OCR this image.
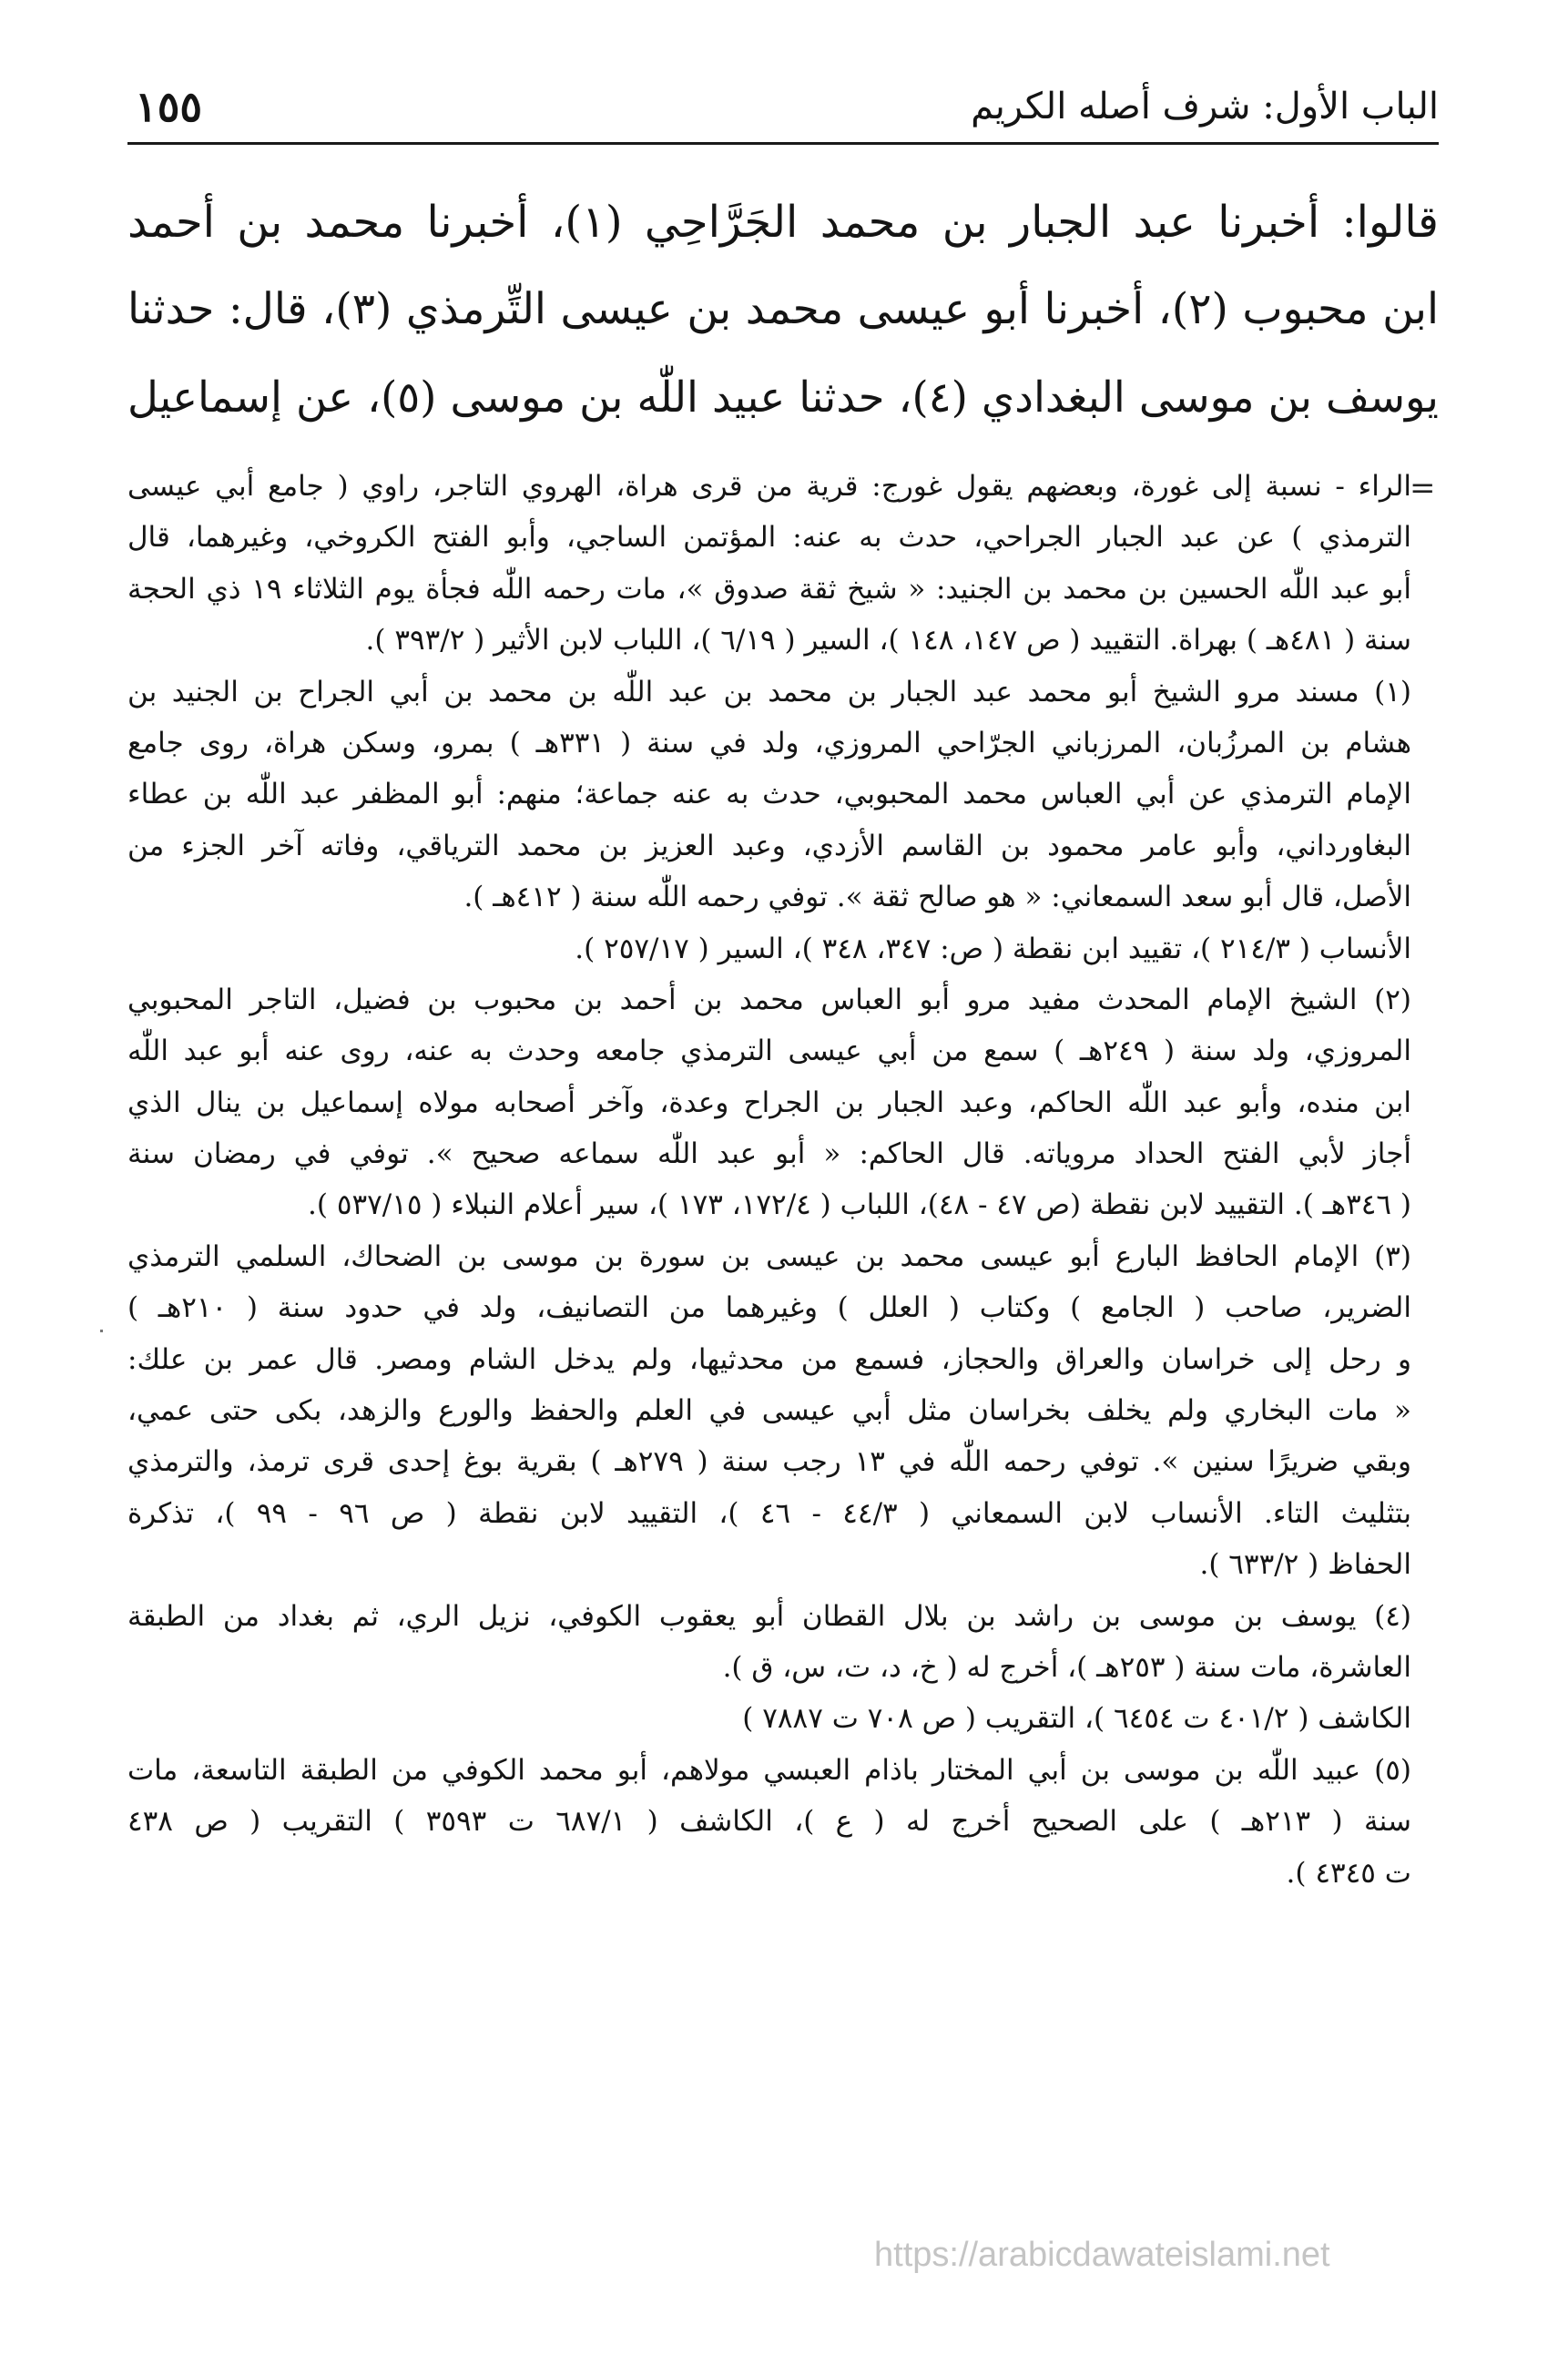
١٥٥	الباب الأول: شرف أصله الكريم
قالوا: أخبرنا عبد الجبار بن محمد الجَرَّاحِي (١)، أخبرنا محمد بن أحمد
ابن محبوب (٢)، أخبرنا أبو عيسى محمد بن عيسى التِّرمذي (٣)، قال: حدثنا
يوسف بن موسى البغدادي (٤)، حدثنا عبيد اللّٰه بن موسى (٥)، عن إسماعيل
=
الراء - نسبة إلى غورة، وبعضهم يقول غورج: قرية من قرى هراة، الهروي التاجر، راوي ( جامع أبي عيسى
الترمذي ) عن عبد الجبار الجراحي، حدث به عنه: المؤتمن الساجي، وأبو الفتح الكروخي، وغيرهما، قال
أبو عبد اللّٰه الحسين بن محمد بن الجنيد: « شيخ ثقة صدوق »، مات رحمه اللّٰه فجأة يوم الثلاثاء ١٩ ذي الحجة
سنة ( ٤٨١هـ ) بهراة. التقييد ( ص ١٤٧، ١٤٨ )، السير ( ٦/١٩ )، اللباب لابن الأثير ( ٣٩٣/٢ ).
(١) مسند مرو الشيخ أبو محمد عبد الجبار بن محمد بن عبد اللّٰه بن محمد بن أبي الجراح بن الجنيد بن
هشام بن المرزُبان، المرزباني الجرّاحي المروزي، ولد في سنة ( ٣٣١هـ ) بمرو، وسكن هراة، روى جامع
الإمام الترمذي عن أبي العباس محمد المحبوبي، حدث به عنه جماعة؛ منهم: أبو المظفر عبد اللّٰه بن عطاء
البغاورداني، وأبو عامر محمود بن القاسم الأزدي، وعبد العزيز بن محمد الترياقي، وفاته آخر الجزء من
الأصل، قال أبو سعد السمعاني: « هو صالح ثقة ». توفي رحمه اللّٰه سنة ( ٤١٢هـ ).
الأنساب ( ٢١٤/٣ )، تقييد ابن نقطة ( ص: ٣٤٧، ٣٤٨ )، السير ( ٢٥٧/١٧ ).
(٢) الشيخ الإمام المحدث مفيد مرو أبو العباس محمد بن أحمد بن محبوب بن فضيل، التاجر المحبوبي
المروزي، ولد سنة ( ٢٤٩هـ ) سمع من أبي عيسى الترمذي جامعه وحدث به عنه، روى عنه أبو عبد اللّٰه
ابن منده، وأبو عبد اللّٰه الحاكم، وعبد الجبار بن الجراح وعدة، وآخر أصحابه مولاه إسماعيل بن ينال الذي
أجاز لأبي الفتح الحداد مروياته. قال الحاكم: « أبو عبد اللّٰه سماعه صحيح ». توفي في رمضان سنة
( ٣٤٦هـ ). التقييد لابن نقطة (ص ٤٧ - ٤٨)، اللباب ( ١٧٢/٤، ١٧٣ )، سير أعلام النبلاء ( ٥٣٧/١٥ ).
(٣) الإمام الحافظ البارع أبو عيسى محمد بن عيسى بن سورة بن موسى بن الضحاك، السلمي الترمذي
الضرير، صاحب ( الجامع ) وكتاب ( العلل ) وغيرهما من التصانيف، ولد في حدود سنة ( ٢١٠هـ )
و رحل إلى خراسان والعراق والحجاز، فسمع من محدثيها، ولم يدخل الشام ومصر. قال عمر بن علك:
« مات البخاري ولم يخلف بخراسان مثل أبي عيسى في العلم والحفظ والورع والزهد، بكى حتى عمي،
وبقي ضريرًا سنين ». توفي رحمه اللّٰه في ١٣ رجب سنة ( ٢٧٩هـ ) بقرية بوغ إحدى قرى ترمذ، والترمذي
بتثليث التاء. الأنساب لابن السمعاني ( ٤٤/٣ - ٤٦ )، التقييد لابن نقطة ( ص ٩٦ - ٩٩ )، تذكرة
الحفاظ ( ٦٣٣/٢ ).
(٤) يوسف بن موسى بن راشد بن بلال القطان أبو يعقوب الكوفي، نزيل الري، ثم بغداد من الطبقة
العاشرة، مات سنة ( ٢٥٣هـ )، أخرج له ( خ، د، ت، س، ق ).
الكاشف ( ٤٠١/٢ ت ٦٤٥٤ )، التقريب ( ص ٧٠٨ ت ٧٨٨٧ )
(٥) عبيد اللّٰه بن موسى بن أبي المختار باذام العبسي مولاهم، أبو محمد الكوفي من الطبقة التاسعة، مات
سنة ( ٢١٣هـ ) على الصحيح أخرج له ( ع )، الكاشف ( ٦٨٧/١ ت ٣٥٩٣ ) التقريب ( ص ٤٣٨
ت ٤٣٤٥ ).
https://arabicdawateislami.net
